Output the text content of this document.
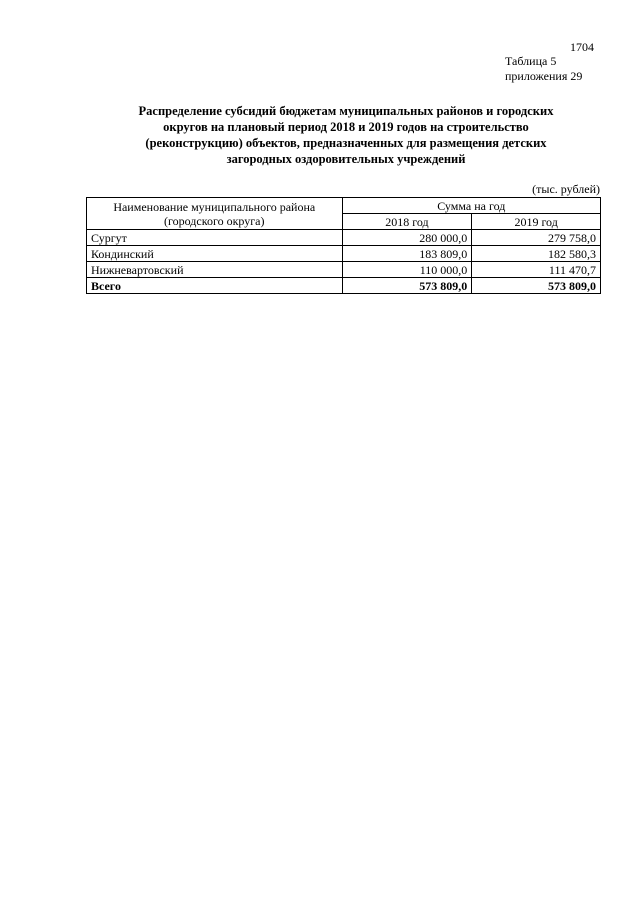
1704
Таблица 5
приложения 29
Распределение субсидий бюджетам муниципальных районов и городских
округов на плановый период 2018 и 2019 годов на строительство
(реконструкцию) объектов, предназначенных для размещения детских
загородных оздоровительных учреждений
(тыс. рублей)
Наименование муниципального района
(городского округа)	Сумма на год	
	2018 год	2019 год
Сургут	280 000,0	279 758,0
Кондинский	183 809,0	182 580,3
Нижневартовский	110 000,0	111 470,7
Всего	573 809,0	573 809,0
